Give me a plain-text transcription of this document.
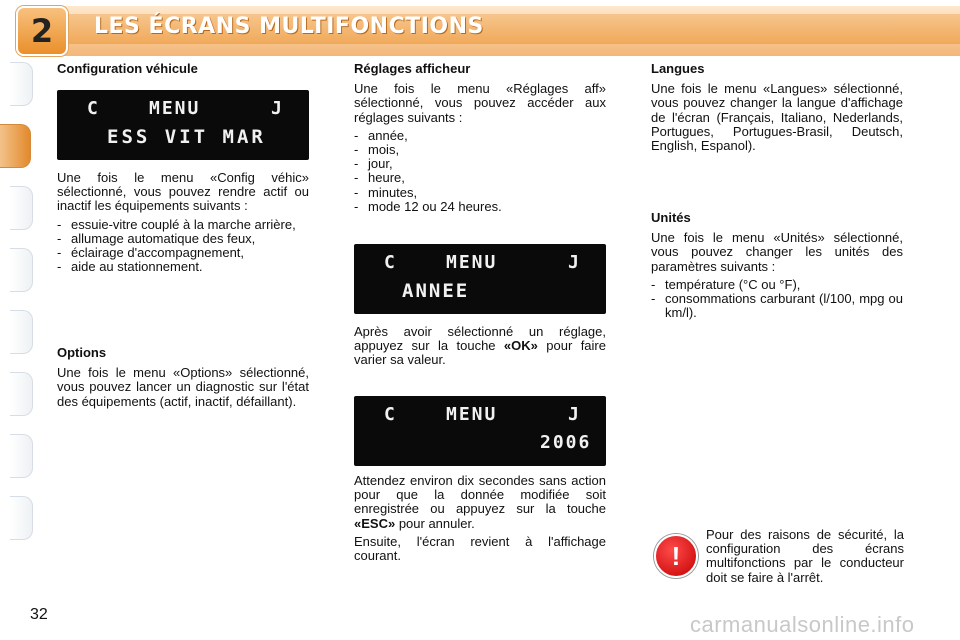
2 LES ÉCRANS MULTIFONCTIONS
Configuration véhicule
C	MENU	J
ESS VIT MAR

Une fois le menu «Config véhic» sélectionné, vous pouvez rendre actif ou inactif les équipements suivants :

- essuie-vitre couplé à la marche arrière,
- allumage automatique des feux,
- éclairage d'accompagnement,
- aide au stationnement.
Options

Une fois le menu «Options» sélectionné, vous pouvez lancer un diagnostic sur l'état des équipements (actif, inactif, défaillant).

Réglages afficheur

Une fois le menu «Réglages aff» sélectionné, vous pouvez accéder aux réglages suivants :

- année,
- mois,
- jour,
- heure,
- minutes,
- mode 12 ou 24 heures.
C	MENU	J
ANNEE

Après avoir sélectionné un réglage, appuyez sur la touche «OK» pour faire varier sa valeur.

C	MENU	J
2006

Attendez environ dix secondes sans action pour que la donnée modifiée soit enregistrée ou appuyez sur la touche «ESC» pour annuler.

Ensuite, l'écran revient à l'affichage courant.

Langues

Une fois le menu «Langues» sélectionné, vous pouvez changer la langue d'affichage de l'écran (Français, Italiano, Nederlands, Portugues, Portugues-Brasil, Deutsch, English, Espanol).

Unités

Une fois le menu «Unités» sélectionné, vous pouvez changer les unités des paramètres suivants :

- température (°C ou °F),
- consommations carburant (l/100, mpg ou km/l).
!
Pour des raisons de sécurité, la configuration des écrans multifonctions par le conducteur doit se faire à l'arrêt.
32	carmanualsonline.info
